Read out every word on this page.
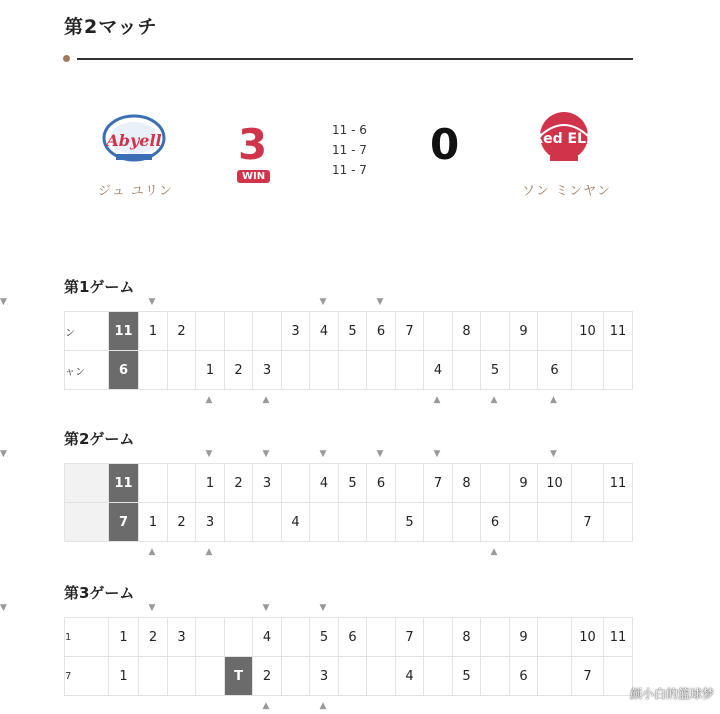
第2マッチ
Abyell
ジュ ユリン
3
WIN
11 - 6
11 - 7
11 - 7
0	Red ELF
ソン ミンヤン
第1ゲーム
ン	11	1	2				3	4	5	6	7		8		9		10	11
ャン	6			1	2	3						4		5		6		
▼	▼	▼
▼
▲	▲	▲	▲	▲
第2ゲーム
	11			1	2	3		4	5	6		7	8		9	10		11
	7	1	2	3			4				5			6			7	
▼	▼	▼	▼	▼	▼
▼
▲	▲	▲
第3ゲーム
1	1	2	3			4		5	6		7		8		9		10	11
7	1				T	2		3			4		5		6		7	
▼	▼	▼
▼
▲	▲
颜小白的篮球梦
